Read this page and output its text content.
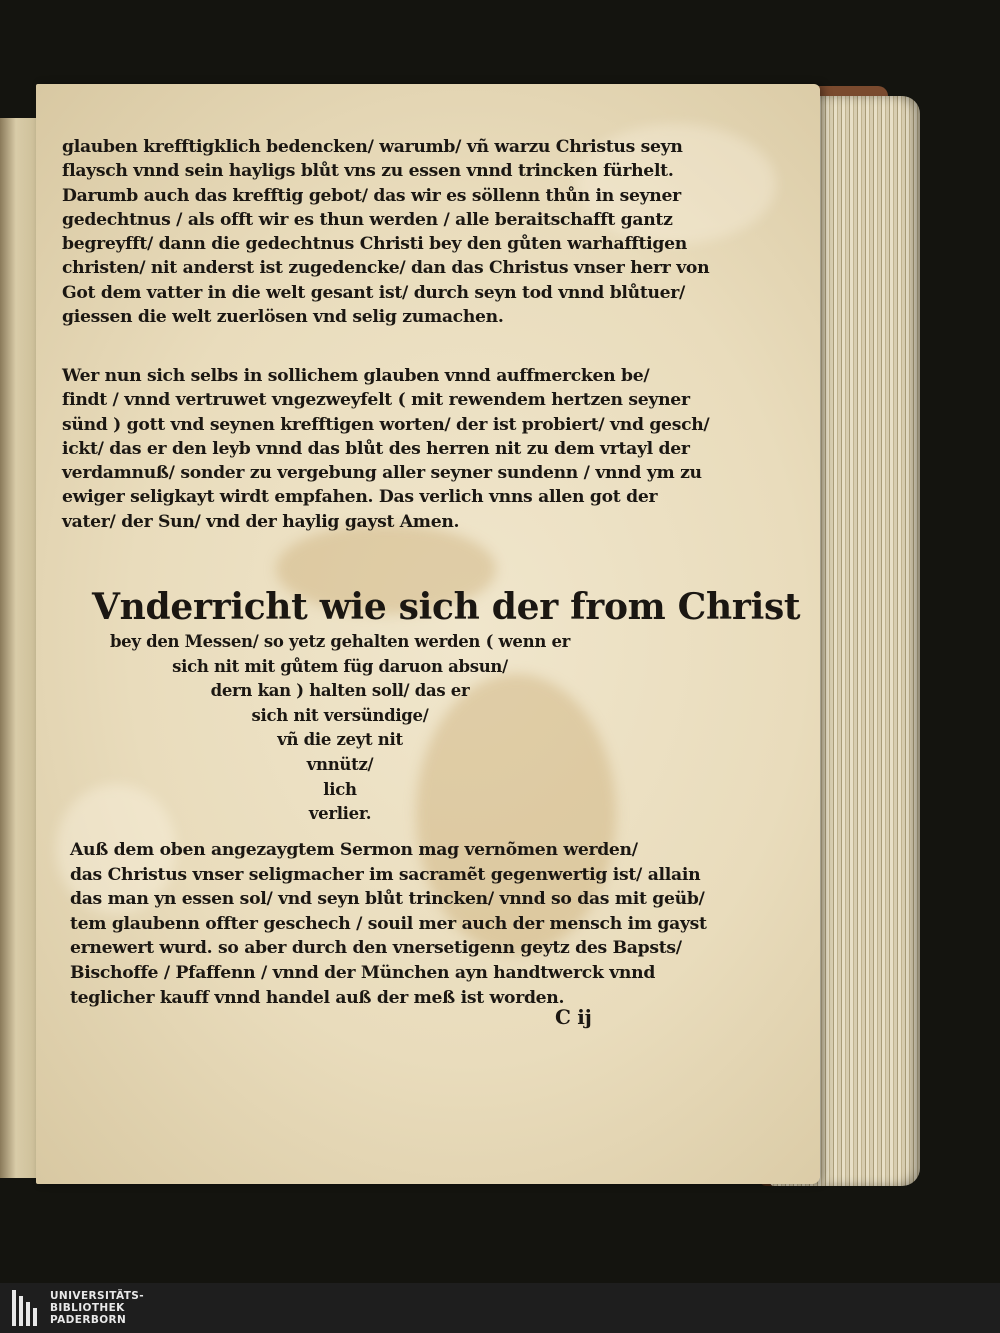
glauben krefftigklich bedencken/ warumb/ vñ warzu Christus seyn
flaysch vnnd sein hayligs blůt vns zu essen vnnd trincken fürhelt.
Darumb auch das krefftig gebot/ das wir es söllenn thůn in seyner
gedechtnus / als offt wir es thun werden / alle beraitschafft gantz
begreyfft/ dann die gedechtnus Christi bey den gůten warhafftigen
christen/ nit anderst ist zugedencke/ dan das Christus vnser herr von
Got dem vatter in die welt gesant ist/ durch seyn tod vnnd blůtuer/
giessen die welt zuerlösen vnd selig zumachen.
Wer nun sich selbs in sollichem glauben vnnd auffmercken be/
findt / vnnd vertruwet vngezweyfelt ( mit rewendem hertzen seyner
sünd ) gott vnd seynen krefftigen worten/ der ist probiert/ vnd gesch/
ickt/ das er den leyb vnnd das blůt des herren nit zu dem vrtayl der
verdamnuß/ sonder zu vergebung aller seyner sundenn / vnnd ym zu
ewiger seligkayt wirdt empfahen. Das verlich vnns allen got der
vater/ der Sun/ vnd der haylig gayst Amen.
Vnderricht wie sich der from Christ
bey den Messen/ so yetz gehalten werden ( wenn er
sich nit mit gůtem füg daruon absun/
dern kan ) halten soll/ das er
sich nit versündige/
vñ die zeyt nit
vnnütz/
lich
verlier.
Auß dem oben angezaygtem Sermon mag vernõmen werden/
das Christus vnser seligmacher im sacramẽt gegenwertig ist/ allain
das man yn essen sol/ vnd seyn blůt trincken/ vnnd so das mit geüb/
tem glaubenn offter geschech / souil mer auch der mensch im gayst
ernewert wurd. so aber durch den vnersetigenn geytz des Bapsts/
Bischoffe / Pfaffenn / vnnd der München ayn handtwerck vnnd
teglicher kauff vnnd handel auß der meß ist worden.
C ij
UNIVERSITÄTS-
BIBLIOTHEK
PADERBORN
